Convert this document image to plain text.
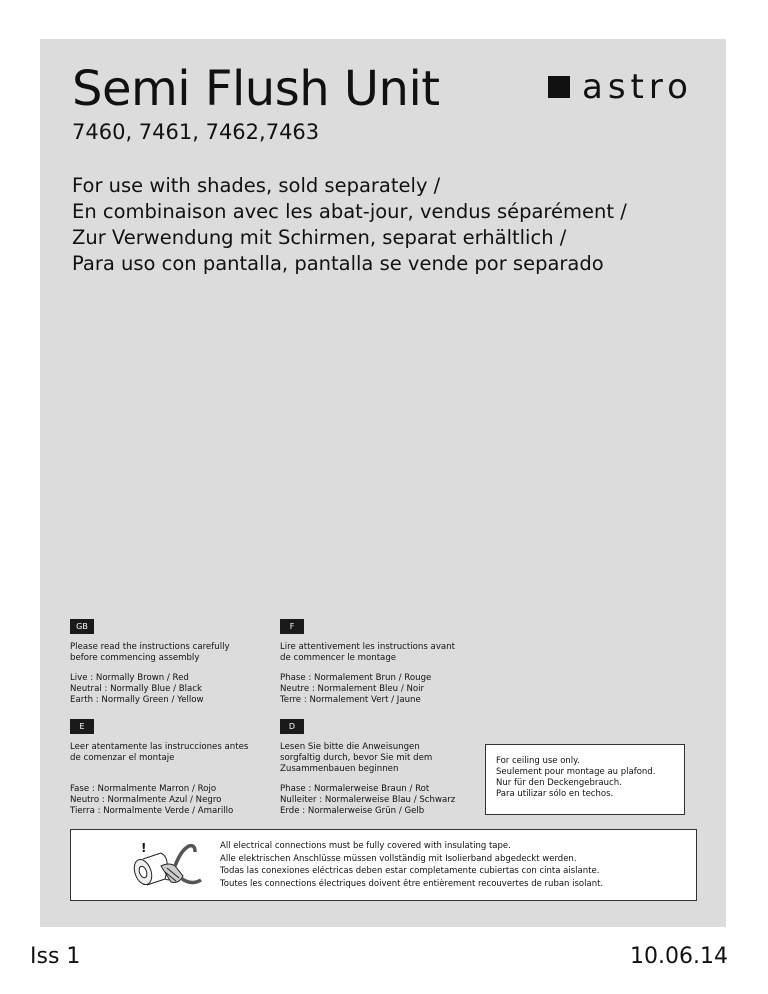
Semi Flush Unit
7460, 7461, 7462,7463
astro
For use with shades, sold separately /
En combinaison avec les abat-jour, vendus séparément /
Zur Verwendung mit Schirmen, separat erhältlich /
Para uso con pantalla, pantalla se vende por separado
GB
Please read the instructions carefully
before commencing assembly
Live : Normally Brown / Red
Neutral : Normally Blue / Black
Earth : Normally Green / Yellow
F
Lire attentivement les instructions avant
de commencer le montage
Phase : Normalement Brun / Rouge
Neutre : Normalement Bleu / Noir
Terre : Normalement Vert / Jaune
E
Leer atentamente las instrucciones antes
de comenzar el montaje
Fase : Normalmente Marron / Rojo
Neutro : Normalmente Azul / Negro
Tierra : Normalmente Verde / Amarillo
D
Lesen Sie bitte die Anweisungen
sorgfaltig durch, bevor Sie mit dem
Zusammenbauen beginnen
Phase : Normalerweise Braun / Rot
Nulleiter : Normalerweise Blau / Schwarz
Erde : Normalerweise Grün / Gelb
For ceiling use only.
Seulement pour montage au plafond.
Nur für den Deckengebrauch.
Para utilizar sólo en techos.
!	All electrical connections must be fully covered with insulating tape.
Alle elektrischen Anschlüsse müssen vollständig mit Isolierband abgedeckt werden.
Todas las conexiones eléctricas deben estar completamente cubiertas con cinta aislante.
Toutes les connections électriques doivent être entièrement recouvertes de ruban isolant.
Iss 1	10.06.14
